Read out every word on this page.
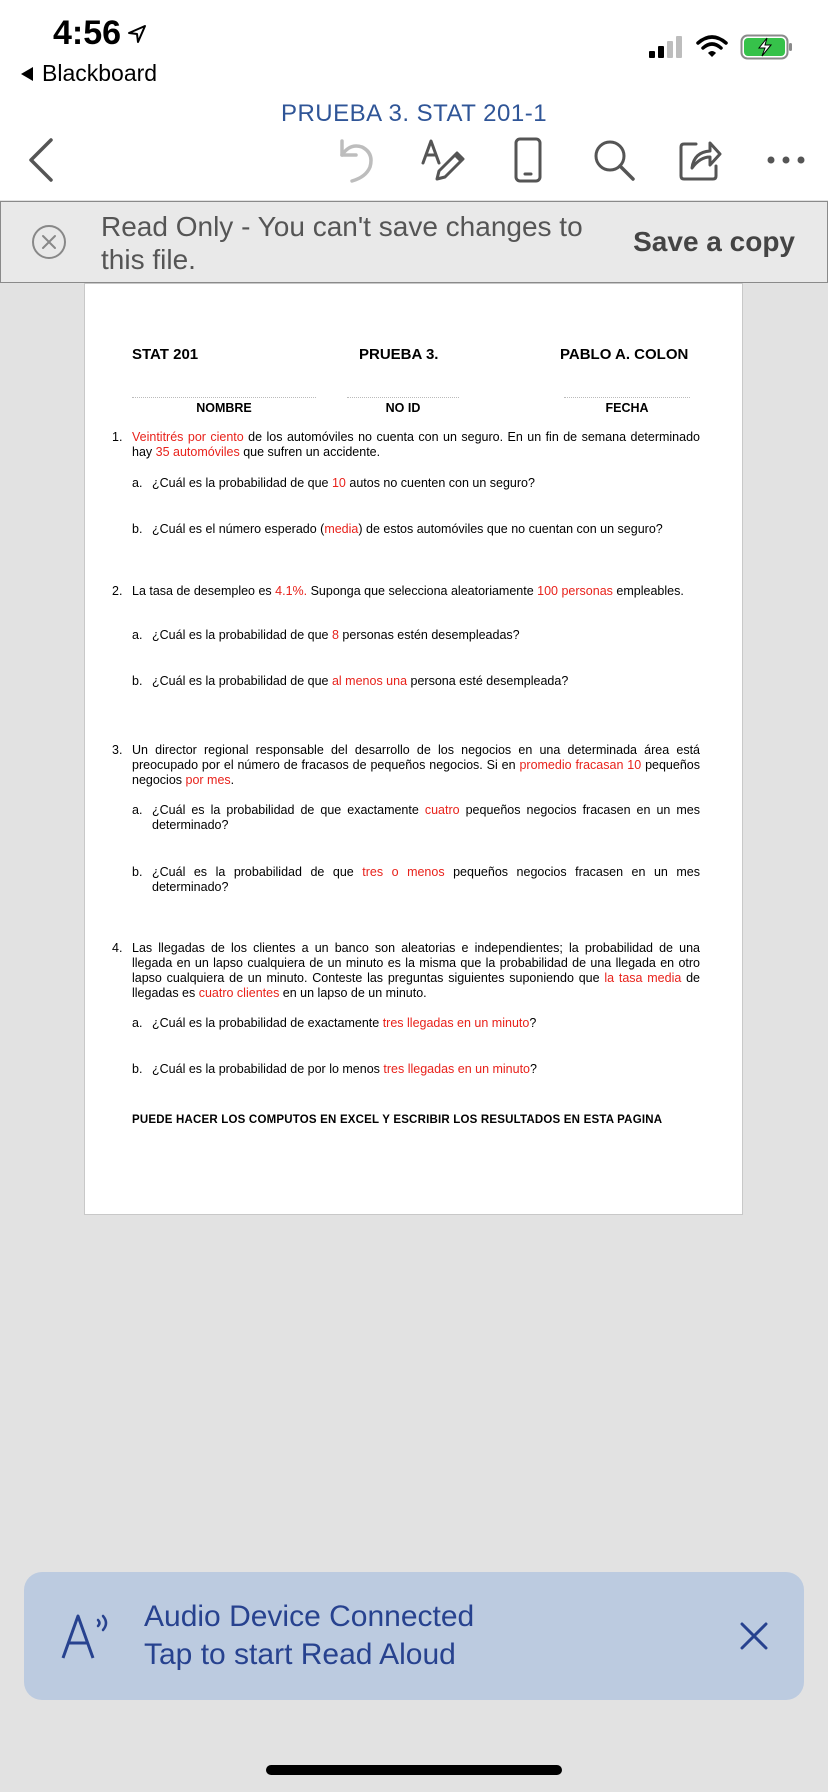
4:56
Blackboard
PRUEBA 3. STAT 201-1
Read Only - You can't save changes to this file.
Save a copy
STAT 201	PRUEBA 3.	PABLO A. COLON
NOMBRE	NO ID	FECHA
1. Veintitrés por ciento de los automóviles no cuenta con un seguro. En un fin de semana determinado hay 35 automóviles que sufren un accidente.
a. ¿Cuál es la probabilidad de que 10 autos no cuenten con un seguro?
b. ¿Cuál es el número esperado (media) de estos automóviles que no cuentan con un seguro?
2. La tasa de desempleo es 4.1%. Suponga que selecciona aleatoriamente 100 personas empleables.
a. ¿Cuál es la probabilidad de que 8 personas estén desempleadas?
b. ¿Cuál es la probabilidad de que al menos una persona esté desempleada?
3. Un director regional responsable del desarrollo de los negocios en una determinada área está preocupado por el número de fracasos de pequeños negocios. Si en promedio fracasan 10 pequeños negocios por mes.
a. ¿Cuál es la probabilidad de que exactamente cuatro pequeños negocios fracasen en un mes determinado?
b. ¿Cuál es la probabilidad de que tres o menos pequeños negocios fracasen en un mes determinado?
4. Las llegadas de los clientes a un banco son aleatorias e independientes; la probabilidad de una llegada en un lapso cualquiera de un minuto es la misma que la probabilidad de una llegada en otro lapso cualquiera de un minuto. Conteste las preguntas siguientes suponiendo que la tasa media de llegadas es cuatro clientes en un lapso de un minuto.
a. ¿Cuál es la probabilidad de exactamente tres llegadas en un minuto?
b. ¿Cuál es la probabilidad de por lo menos tres llegadas en un minuto?
PUEDE HACER LOS COMPUTOS EN EXCEL Y ESCRIBIR LOS RESULTADOS EN ESTA PAGINA
Audio Device Connected
Tap to start Read Aloud
